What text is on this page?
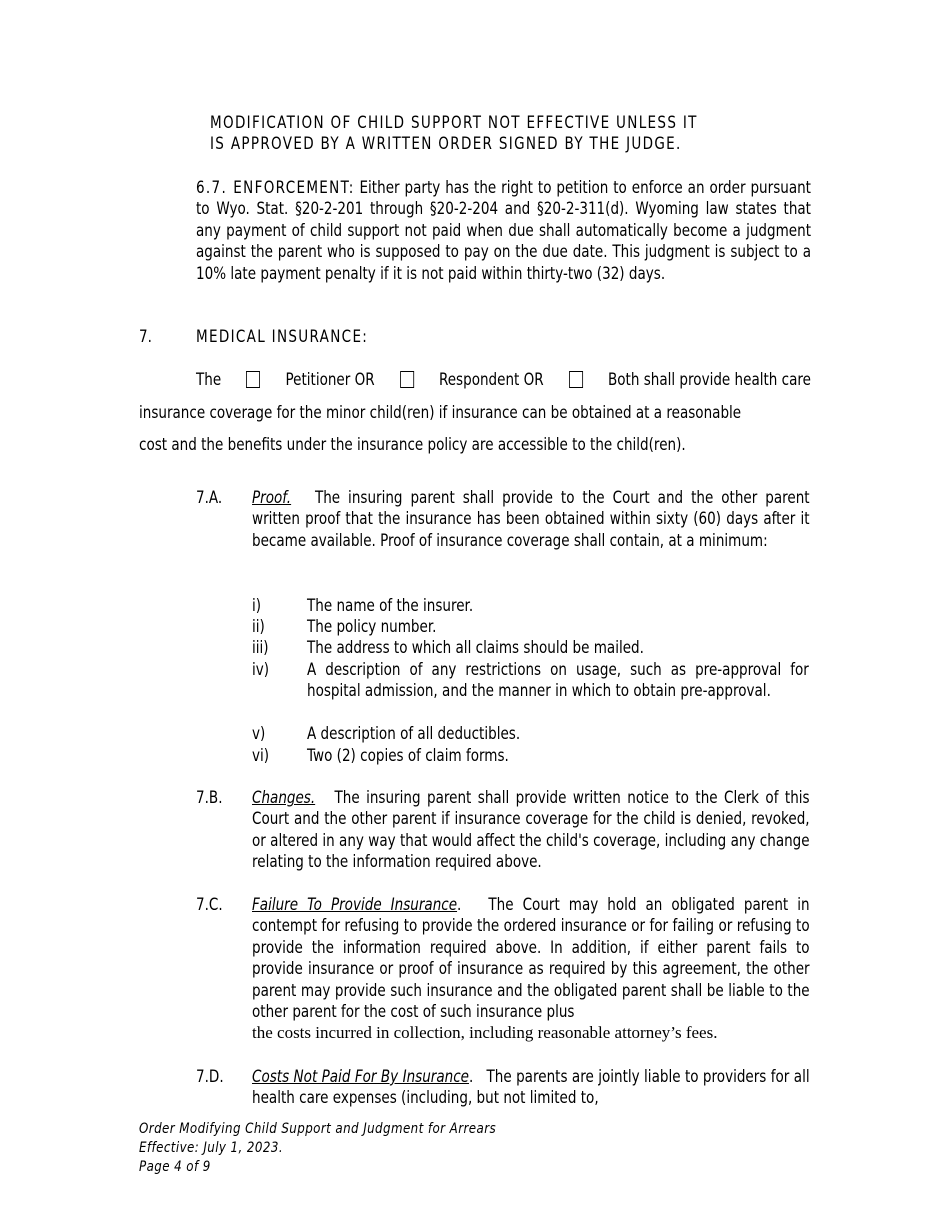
MODIFICATION OF CHILD SUPPORT NOT EFFECTIVE UNLESS IT
IS APPROVED BY A WRITTEN ORDER SIGNED BY THE JUDGE.
6.7. ENFORCEMENT: Either party has the right to petition to enforce an order pursuant to Wyo. Stat. §20-2-201 through §20-2-204 and §20-2-311(d). Wyoming law states that any payment of child support not paid when due shall automatically become a judgment against the parent who is supposed to pay on the due date. This judgment is subject to a 10% late payment penalty if it is not paid within thirty-two (32) days.
7.	MEDICAL INSURANCE:
The	Petitioner OR	Respondent OR	Both shall provide health care
insurance coverage for the minor child(ren) if insurance can be obtained at a reasonable
cost and the benefits under the insurance policy are accessible to the child(ren).
7.A. Proof. The insuring parent shall provide to the Court and the other parent written proof that the insurance has been obtained within sixty (60) days after it became available. Proof of insurance coverage shall contain, at a minimum:
i)	The name of the insurer.
ii)	The policy number.
iii) The address to which all claims should be mailed.
iv) A description of any restrictions on usage, such as pre-approval for hospital admission, and the manner in which to obtain pre-approval.
v)	A description of all deductibles.
vi) Two (2) copies of claim forms.
7.B. Changes. The insuring parent shall provide written notice to the Clerk of this Court and the other parent if insurance coverage for the child is denied, revoked, or altered in any way that would affect the child's coverage, including any change relating to the information required above.
7.C. Failure To Provide Insurance. The Court may hold an obligated parent in contempt for refusing to provide the ordered insurance or for failing or refusing to provide the information required above. In addition, if either parent fails to provide insurance or proof of insurance as required by this agreement, the other parent may provide such insurance and the obligated parent shall be liable to the other parent for the cost of such insurance plus
the costs incurred in collection, including reasonable attorney’s fees.
7.D. Costs Not Paid For By Insurance. The parents are jointly liable to providers for all health care expenses (including, but not limited to,
Order Modifying Child Support and Judgment for Arrears
Effective: July 1, 2023.
Page 4 of 9
